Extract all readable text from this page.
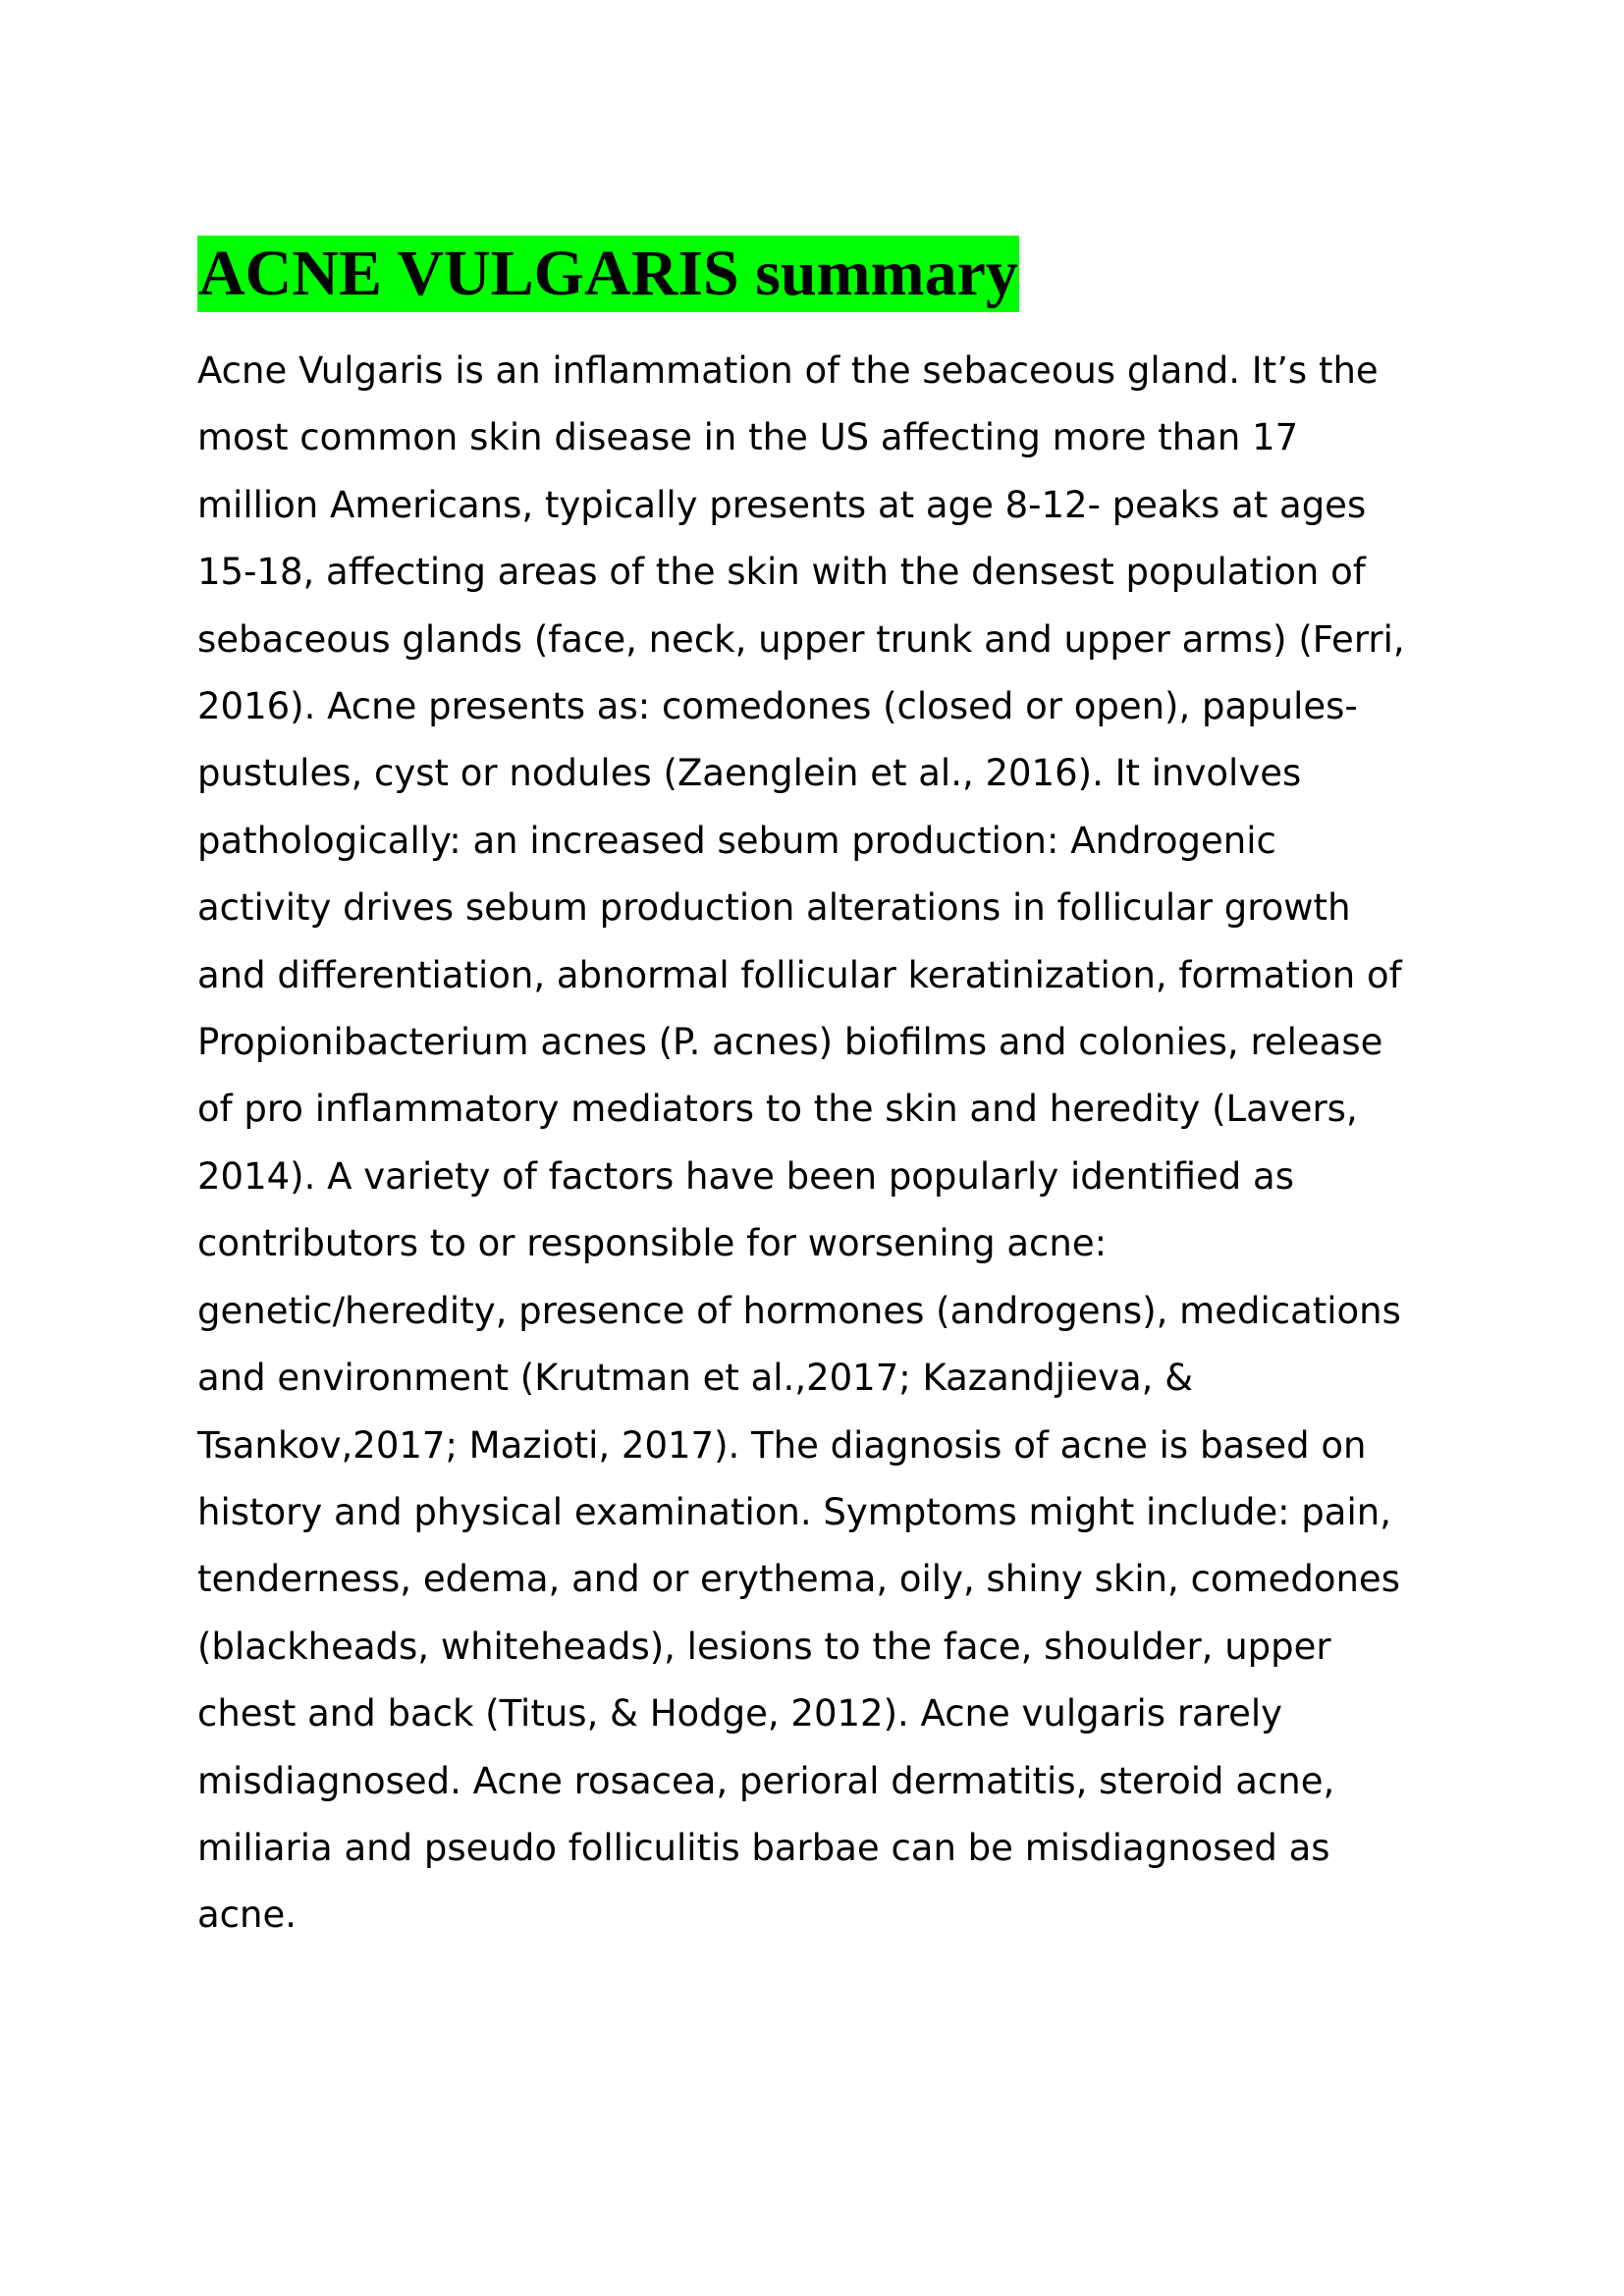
ACNE VULGARIS summary
Acne Vulgaris is an inflammation of the sebaceous gland. It’s the
most common skin disease in the US affecting more than 17
million Americans, typically presents at age 8-12- peaks at ages
15-18, affecting areas of the skin with the densest population of
sebaceous glands (face, neck, upper trunk and upper arms) (Ferri,
2016). Acne presents as: comedones (closed or open), papules-
pustules, cyst or nodules (Zaenglein et al., 2016). It involves
pathologically: an increased sebum production: Androgenic
activity drives sebum production alterations in follicular growth
and differentiation, abnormal follicular keratinization, formation of
Propionibacterium acnes (P. acnes) biofilms and colonies, release
of pro inflammatory mediators to the skin and heredity (Lavers,
2014). A variety of factors have been popularly identified as
contributors to or responsible for worsening acne:
genetic/heredity, presence of hormones (androgens), medications
and environment (Krutman et al.,2017; Kazandjieva, &
Tsankov,2017; Mazioti, 2017). The diagnosis of acne is based on
history and physical examination. Symptoms might include: pain,
tenderness, edema, and or erythema, oily, shiny skin, comedones
(blackheads, whiteheads), lesions to the face, shoulder, upper
chest and back (Titus, & Hodge, 2012). Acne vulgaris rarely
misdiagnosed. Acne rosacea, perioral dermatitis, steroid acne,
miliaria and pseudo folliculitis barbae can be misdiagnosed as
acne.
